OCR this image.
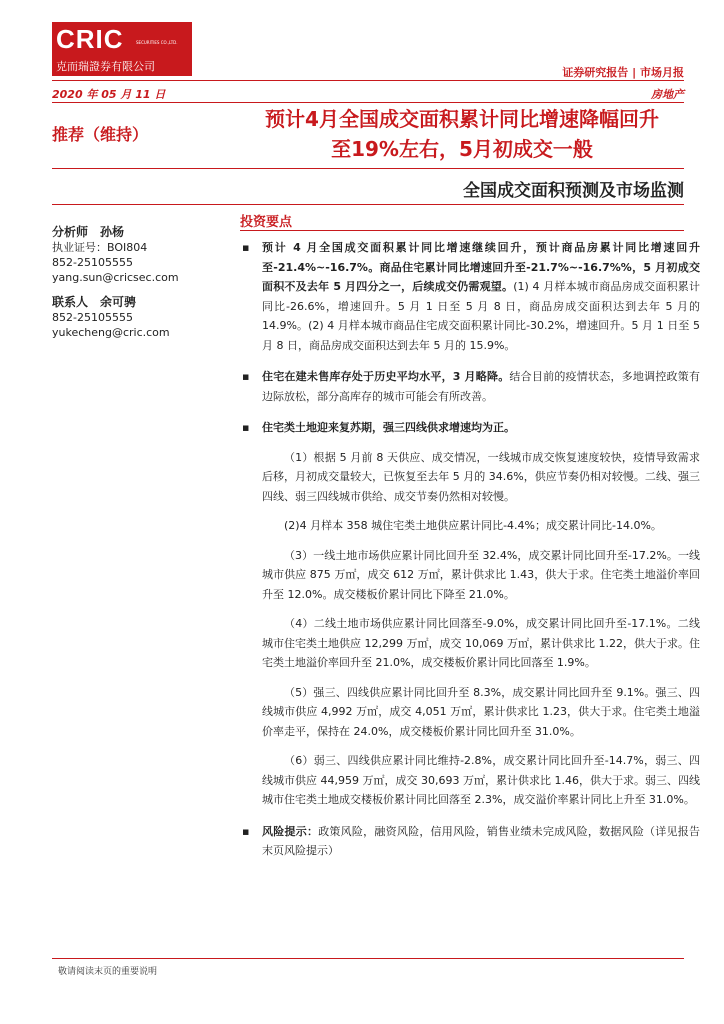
CRIC	SECURITIES CO.,LTD.
克而瑞證券有限公司	证券研究报告 | 市场月报
2020 年 05 月 11 日	房地产
推荐（维持）
预计4月全国成交面积累计同比增速降幅回升
至19%左右，5月初成交一般
全国成交面积预测及市场监测
分析师 孙杨
执业证号：BOI804
852-25105555
yang.sun@cricsec.com
联系人 余可骋
852-25105555
yukecheng@cric.com
投资要点
▪ 预计 4 月全国成交面积累计同比增速继续回升，预计商品房累计同比增速回升至-21.4%~-16.7%。商品住宅累计同比增速回升至-21.7%~-16.7%%，5 月初成交面积不及去年 5 月四分之一，后续成交仍需观望。(1) 4 月样本城市商品房成交面积累计同比-26.6%，增速回升。5 月 1 日至 5 月 8 日，商品房成交面积达到去年 5 月的 14.9%。(2) 4 月样本城市商品住宅成交面积累计同比-30.2%，增速回升。5 月 1 日至 5 月 8 日，商品房成交面积达到去年 5 月的 15.9%。
▪ 住宅在建未售库存处于历史平均水平，3 月略降。结合目前的疫情状态，多地调控政策有边际放松，部分高库存的城市可能会有所改善。
▪ 住宅类土地迎来复苏期，强三四线供求增速均为正。
（1）根据 5 月前 8 天供应、成交情况，一线城市成交恢复速度较快，疫情导致需求后移，月初成交量较大，已恢复至去年 5 月的 34.6%，供应节奏仍相对较慢。二线、强三四线、弱三四线城市供给、成交节奏仍然相对较慢。
(2)4 月样本 358 城住宅类土地供应累计同比-4.4%；成交累计同比-14.0%。
（3）一线土地市场供应累计同比回升至 32.4%，成交累计同比回升至-17.2%。一线城市供应 875 万㎡，成交 612 万㎡，累计供求比 1.43，供大于求。住宅类土地溢价率回升至 12.0%。成交楼板价累计同比下降至 21.0%。
（4）二线土地市场供应累计同比回落至-9.0%，成交累计同比回升至-17.1%。二线城市住宅类土地供应 12,299 万㎡，成交 10,069 万㎡，累计供求比 1.22，供大于求。住宅类土地溢价率回升至 21.0%，成交楼板价累计同比回落至 1.9%。
（5）强三、四线供应累计同比回升至 8.3%，成交累计同比回升至 9.1%。强三、四线城市供应 4,992 万㎡，成交 4,051 万㎡，累计供求比 1.23，供大于求。住宅类土地溢价率走平，保持在 24.0%，成交楼板价累计同比回升至 31.0%。
（6）弱三、四线供应累计同比维持-2.8%，成交累计同比回升至-14.7%，弱三、四线城市供应 44,959 万㎡，成交 30,693 万㎡，累计供求比 1.46，供大于求。弱三、四线城市住宅类土地成交楼板价累计同比回落至 2.3%，成交溢价率累计同比上升至 31.0%。
▪ 风险提示：政策风险，融资风险，信用风险，销售业绩未完成风险，数据风险（详见报告末页风险提示）
敬请阅读末页的重要说明
